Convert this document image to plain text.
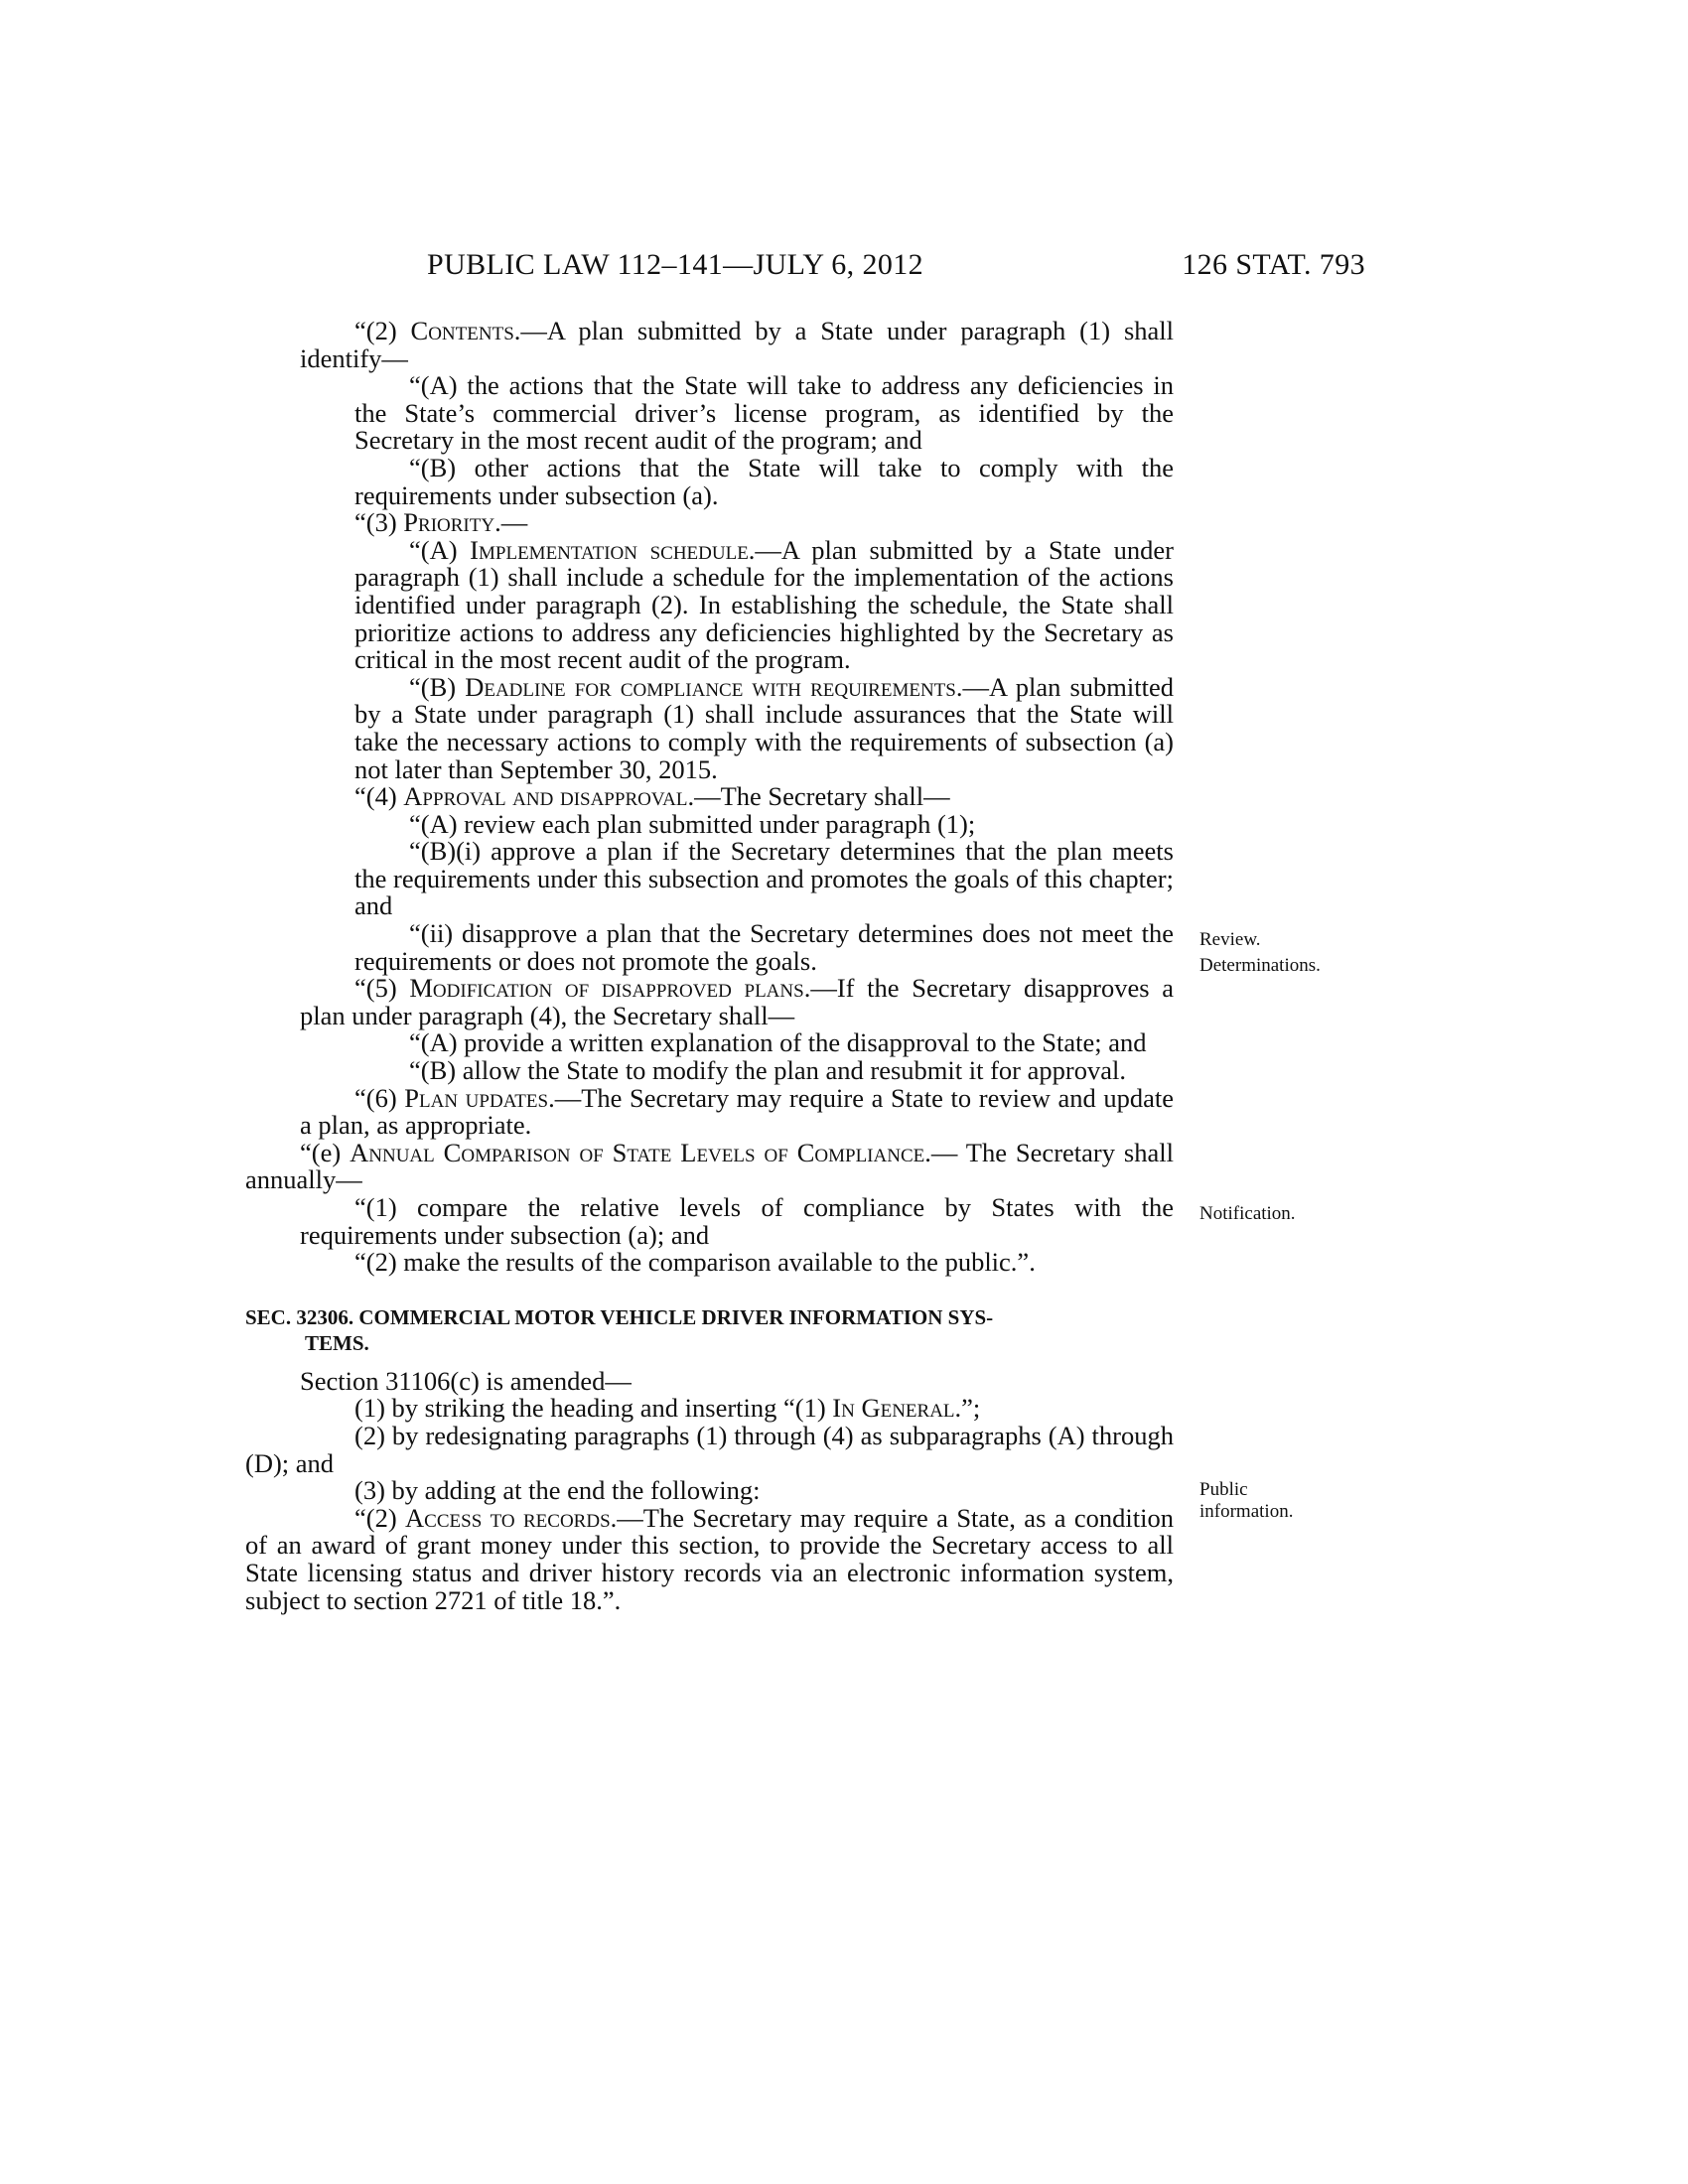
PUBLIC LAW 112–141—JULY 6, 2012	126 STAT. 793
“(2) Contents.—A plan submitted by a State under paragraph (1) shall identify—
“(A) the actions that the State will take to address any deficiencies in the State’s commercial driver’s license program, as identified by the Secretary in the most recent audit of the program; and
“(B) other actions that the State will take to comply with the requirements under subsection (a).
“(3) Priority.—
“(A) Implementation schedule.—A plan submitted by a State under paragraph (1) shall include a schedule for the implementation of the actions identified under paragraph (2). In establishing the schedule, the State shall prioritize actions to address any deficiencies highlighted by the Secretary as critical in the most recent audit of the program.
“(B) Deadline for compliance with requirements.—A plan submitted by a State under paragraph (1) shall include assurances that the State will take the necessary actions to comply with the requirements of subsection (a) not later than September 30, 2015.
“(4) Approval and disapproval.—The Secretary shall—
“(A) review each plan submitted under paragraph (1);
“(B)(i) approve a plan if the Secretary determines that the plan meets the requirements under this subsection and promotes the goals of this chapter; and
“(ii) disapprove a plan that the Secretary determines does not meet the requirements or does not promote the goals.
“(5) Modification of disapproved plans.—If the Secretary disapproves a plan under paragraph (4), the Secretary shall—
“(A) provide a written explanation of the disapproval to the State; and
“(B) allow the State to modify the plan and resubmit it for approval.
“(6) Plan updates.—The Secretary may require a State to review and update a plan, as appropriate.
“(e) Annual Comparison of State Levels of Compliance.— The Secretary shall annually—
“(1) compare the relative levels of compliance by States with the requirements under subsection (a); and
“(2) make the results of the comparison available to the public.”.
SEC. 32306. COMMERCIAL MOTOR VEHICLE DRIVER INFORMATION SYS-
TEMS.
Section 31106(c) is amended—
(1) by striking the heading and inserting “(1) In General.”;
(2) by redesignating paragraphs (1) through (4) as subparagraphs (A) through (D); and
(3) by adding at the end the following:
“(2) Access to records.—The Secretary may require a State, as a condition of an award of grant money under this section, to provide the Secretary access to all State licensing status and driver history records via an electronic information system, subject to section 2721 of title 18.”.
Review.
Determinations.
Notification.
Public
information.
